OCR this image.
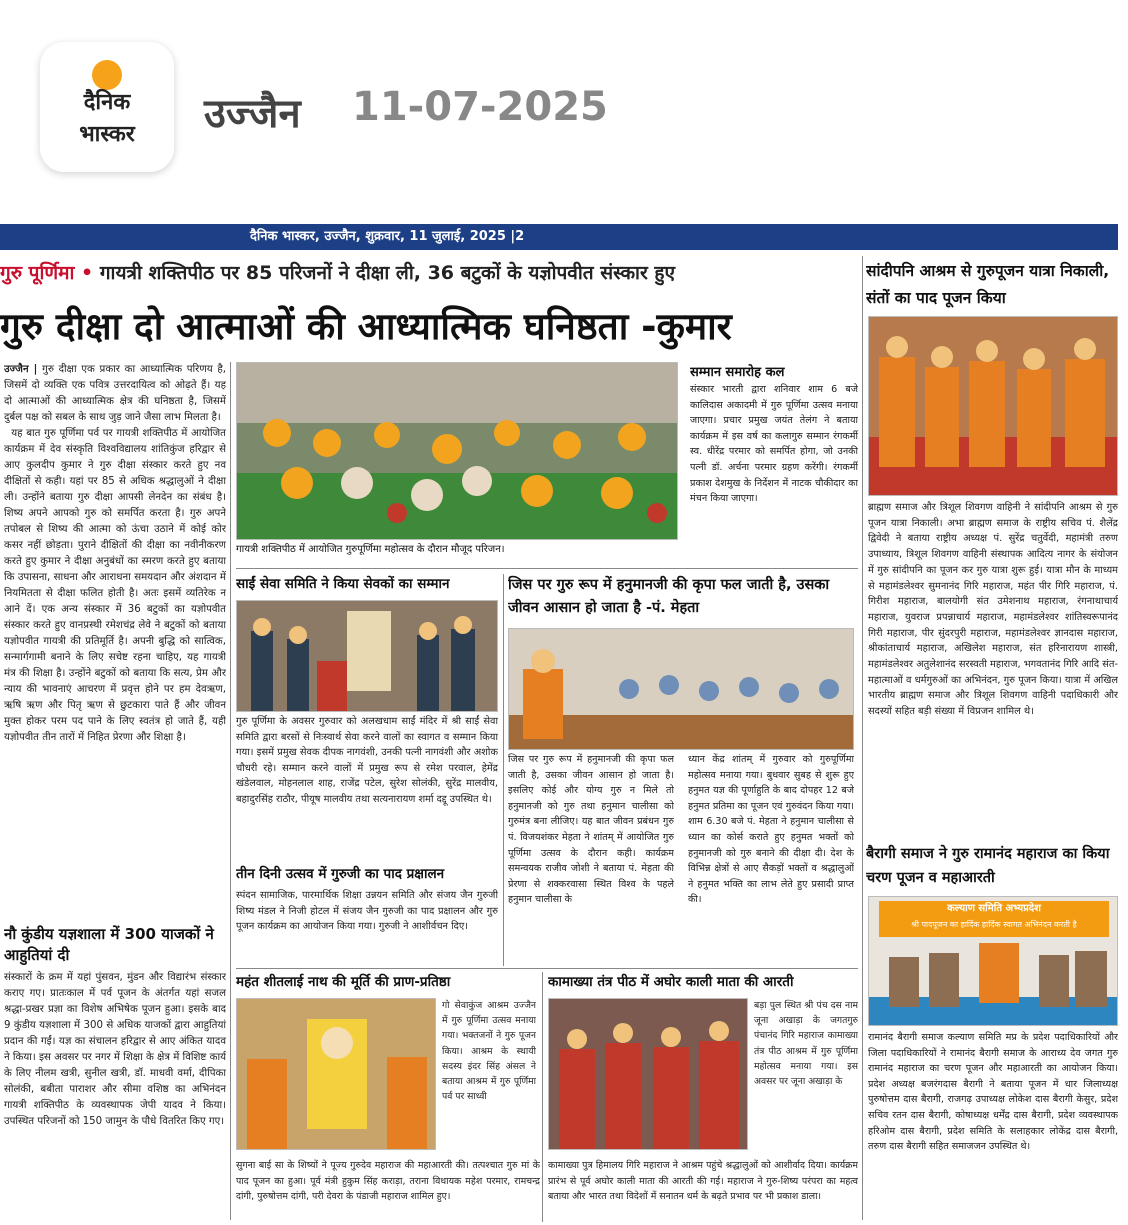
दैनिक
भास्कर	उज्जैन 11-07-2025
दैनिक भास्कर, उज्जैन, शुक्रवार, 11 जुलाई, 2025 |2
गुरु पूर्णिमा • गायत्री शक्तिपीठ पर 85 परिजनों ने दीक्षा ली, 36 बटुकों के यज्ञोपवीत संस्कार हुए
गुरु दीक्षा दो आत्माओं की आध्यात्मिक घनिष्ठता -कुमार
उज्जैन | गुरु दीक्षा एक प्रकार का आध्यात्मिक परिणय है, जिसमें दो व्यक्ति एक पवित्र उत्तरदायित्व को ओढ़ते हैं। यह दो आत्माओं की आध्यात्मिक क्षेत्र की घनिष्ठता है, जिसमें दुर्बल पक्ष को सबल के साथ जुड़ जाने जैसा लाभ मिलता है।
यह बात गुरु पूर्णिमा पर्व पर गायत्री शक्तिपीठ में आयोजित कार्यक्रम में देव संस्कृति विश्वविद्यालय शांतिकुंज हरिद्वार से आए कुलदीप कुमार ने गुरु दीक्षा संस्कार करते हुए नव दीक्षितों से कही। यहां पर 85 से अधिक श्रद्धालुओं ने दीक्षा ली। उन्होंने बताया गुरु दीक्षा आपसी लेनदेन का संबंध है। शिष्य अपने आपको गुरु को समर्पित करता है। गुरु अपने तपोबल से शिष्य की आत्मा को ऊंचा उठाने में कोई कोर कसर नहीं छोड़ता। पुराने दीक्षितों की दीक्षा का नवीनीकरण करते हुए कुमार ने दीक्षा अनुबंधों का स्मरण करते हुए बताया कि उपासना, साधना और आराधना समयदान और अंशदान में नियमितता से दीक्षा फलित होती है। अतः इसमें व्यतिरेक न आने दें। एक अन्य संस्कार में 36 बटुकों का यज्ञोपवीत संस्कार करते हुए वानप्रस्थी रमेशचंद्र लेवे ने बटुकों को बताया यज्ञोपवीत गायत्री की प्रतिमूर्ति है। अपनी बुद्धि को सात्विक, सन्मार्गगामी बनाने के लिए सचेष्ट रहना चाहिए, यह गायत्री मंत्र की शिक्षा है। उन्होंने बटुकों को बताया कि सत्य, प्रेम और न्याय की भावनाएं आचरण में प्रवृत्त होने पर हम देवऋण, ऋषि ऋण और पितृ ऋण से छुटकारा पाते हैं और जीवन मुक्त होकर परम पद पाने के लिए स्वतंत्र हो जाते हैं, यही यज्ञोपवीत तीन तारों में निहित प्रेरणा और शिक्षा है।
नौ कुंडीय यज्ञशाला में 300 याजकों ने आहुतियां दी
संस्कारों के क्रम में यहां पुंसवन, मुंडन और विद्यारंभ संस्कार कराए गए। प्रातःकाल में पर्व पूजन के अंतर्गत यहां सजल श्रद्धा-प्रखर प्रज्ञा का विशेष अभिषेक पूजन हुआ। इसके बाद 9 कुंडीय यज्ञशाला में 300 से अधिक याजकों द्वारा आहुतियां प्रदान की गईं। यज्ञ का संचालन हरिद्वार से आए अंकित यादव ने किया। इस अवसर पर नगर में शिक्षा के क्षेत्र में विशिष्ट कार्य के लिए नीलम खत्री, सुनील खत्री, डॉ. माधवी वर्मा, दीपिका सोलंकी, बबीता पाराशर और सीमा वशिष्ठ का अभिनंदन गायत्री शक्तिपीठ के व्यवस्थापक जेपी यादव ने किया। उपस्थित परिजनों को 150 जामुन के पौधे वितरित किए गए।
गायत्री शक्तिपीठ में आयोजित गुरुपूर्णिमा महोत्सव के दौरान मौजूद परिजन।
सम्मान समारोह कल
संस्कार भारती द्वारा शनिवार शाम 6 बजे कालिदास अकादमी में गुरु पूर्णिमा उत्सव मनाया जाएगा। प्रचार प्रमुख जयंत तेलंग ने बताया कार्यक्रम में इस वर्ष का कलागुरु सम्मान रंगकर्मी स्व. धीरेंद्र परमार को समर्पित होगा, जो उनकी पत्नी डॉ. अर्चना परमार ग्रहण करेंगी। रंगकर्मी प्रकाश देशमुख के निर्देशन में नाटक चौकीदार का मंचन किया जाएगा।
साईं सेवा समिति ने किया सेवकों का सम्मान
गुरु पूर्णिमा के अवसर गुरुवार को अलखधाम साईं मंदिर में श्री साईं सेवा समिति द्वारा बरसों से निःस्वार्थ सेवा करने वालों का स्वागत व सम्मान किया गया। इसमें प्रमुख सेवक दीपक नागवंशी, उनकी पत्नी नागवंशी और अशोक चौधरी रहे। सम्मान करने वालों में प्रमुख रूप से रमेश परवाल, हेमेंद्र खंडेलवाल, मोहनलाल शाह, राजेंद्र पटेल, सुरेश सोलंकी, सुरेंद्र मालवीय, बहादुरसिंह राठौर, पीयूष मालवीय तथा सत्यनारायण शर्मा दद्दू उपस्थित थे।
तीन दिनी उत्सव में गुरुजी का पाद प्रक्षालन
स्पंदन सामाजिक, पारमार्थिक शिक्षा उन्नयन समिति और संजय जैन गुरुजी शिष्य मंडल ने निजी होटल में संजय जैन गुरुजी का पाद प्रक्षालन और गुरु पूजन कार्यक्रम का आयोजन किया गया। गुरुजी ने आशीर्वचन दिए।
जिस पर गुरु रूप में हनुमानजी की कृपा फल जाती है, उसका जीवन आसान हो जाता है -पं. मेहता
जिस पर गुरु रूप में हनुमानजी की कृपा फल जाती है, उसका जीवन आसान हो जाता है। इसलिए कोई और योग्य गुरु न मिले तो हनुमानजी को गुरु तथा हनुमान चालीसा को गुरुमंत्र बना लीजिए। यह बात जीवन प्रबंधन गुरु पं. विजयशंकर मेहता ने शांतम् में आयोजित गुरु पूर्णिमा उत्सव के दौरान कही। कार्यक्रम समन्वयक राजीव जोशी ने बताया पं. मेहता की प्रेरणा से शक्करवासा स्थित विश्व के पहले हनुमान चालीसा के
ध्यान केंद्र शांतम् में गुरुवार को गुरुपूर्णिमा महोत्सव मनाया गया। बुधवार सुबह से शुरू हुए हनुमत यज्ञ की पूर्णाहुति के बाद दोपहर 12 बजे हनुमत प्रतिमा का पूजन एवं गुरुवंदन किया गया। शाम 6.30 बजे पं. मेहता ने हनुमान चालीसा से ध्यान का कोर्स कराते हुए हनुमत भक्तों को हनुमानजी को गुरु बनाने की दीक्षा दी। देश के विभिन्न क्षेत्रों से आए सैकड़ों भक्तों व श्रद्धालुओं ने हनुमत भक्ति का लाभ लेते हुए प्रसादी प्राप्त की।
महंत शीतलाई नाथ की मूर्ति की प्राण-प्रतिष्ठा
गो सेवाकुंज आश्रम उज्जैन में गुरु पूर्णिमा उत्सव मनाया गया। भक्तजनों ने गुरु पूजन किया। आश्रम के स्थायी सदस्य इंदर सिंह अंसल ने बताया आश्रम में गुरु पूर्णिमा पर्व पर साध्वी
सुगना बाई सा के शिष्यों ने पूज्य गुरुदेव महाराज की महाआरती की। तत्पश्चात गुरु मां के पाद पूजन का हुआ। पूर्व मंत्री हुकुम सिंह कराड़ा, तराना विधायक महेश परमार, रामचन्द्र दांगी, पुरुषोत्तम दांगी, परी देवरा के पंडाजी महाराज शामिल हुए।
कामाख्या तंत्र पीठ में अघोर काली माता की आरती
बड़ा पुल स्थित श्री पंच दस नाम जूना अखाड़ा के जगतगुरु पंचानंद गिरि महाराज कामाख्या तंत्र पीठ आश्रम में गुरु पूर्णिमा महोत्सव मनाया गया। इस अवसर पर जूना अखाड़ा के
कामाख्या पुत्र हिमालय गिरि महाराज ने आश्रम पहुंचे श्रद्धालुओं को आशीर्वाद दिया। कार्यक्रम प्रारंभ से पूर्व अघोर काली माता की आरती की गई। महाराज ने गुरु-शिष्य परंपरा का महत्व बताया और भारत तथा विदेशों में सनातन धर्म के बढ़ते प्रभाव पर भी प्रकाश डाला।
सांदीपनि आश्रम से गुरुपूजन यात्रा निकाली, संतों का पाद पूजन किया
ब्राह्मण समाज और त्रिशूल शिवगण वाहिनी ने सांदीपनि आश्रम से गुरु पूजन यात्रा निकाली। अभा ब्राह्मण समाज के राष्ट्रीय सचिव पं. शैलेंद्र द्विवेदी ने बताया राष्ट्रीय अध्यक्ष पं. सुरेंद्र चतुर्वेदी, महामंत्री तरुण उपाध्याय, त्रिशूल शिवगण वाहिनी संस्थापक आदित्य नागर के संयोजन में गुरु सांदीपनि का पूजन कर गुरु यात्रा शुरू हुई। यात्रा मौन के माध्यम से महामंडलेश्वर सुमनानंद गिरि महाराज, महंत पीर गिरि महाराज, पं. गिरीश महाराज, बालयोगी संत उमेशनाथ महाराज, रंगनाथाचार्य महाराज, युवराज प्रपन्नाचार्य महाराज, महामंडलेश्वर शांतिस्वरूपानंद गिरी महाराज, पीर सुंदरपुरी महाराज, महामंडलेश्वर ज्ञानदास महाराज, श्रीकांताचार्य महाराज, अखिलेश महाराज, संत हरिनारायण शास्त्री, महामंडलेश्वर अतुलेशानंद सरस्वती महाराज, भगवतानंद गिरि आदि संत-महात्माओं व धर्मगुरुओं का अभिनंदन, गुरु पूजन किया। यात्रा में अखिल भारतीय ब्राह्मण समाज और त्रिशूल शिवगण वाहिनी पदाधिकारी और सदस्यों सहित बड़ी संख्या में विप्रजन शामिल थे।
बैरागी समाज ने गुरु रामानंद महाराज का किया चरण पूजन व महाआरती
कल्याण समिति अभ्यप्रदेश
श्री पादपूजन का हार्दिक हार्दिक स्वागत अभिनंदन करती है
रामानंद बैरागी समाज कल्याण समिति मप्र के प्रदेश पदाधिकारियों और जिला पदाधिकारियों ने रामानंद बैरागी समाज के आराध्य देव जगत गुरु रामानंद महाराज का चरण पूजन और महाआरती का आयोजन किया। प्रदेश अध्यक्ष बजरंगदास बैरागी ने बताया पूजन में धार जिलाध्यक्ष पुरुषोत्तम दास बैरागी, राजगढ़ उपाध्यक्ष लोकेश दास बैरागी केसुर, प्रदेश सचिव रतन दास बैरागी, कोषाध्यक्ष धर्मेंद्र दास बैरागी, प्रदेश व्यवस्थापक हरिओम दास बैरागी, प्रदेश समिति के सलाहकार लोकेंद्र दास बैरागी, तरुण दास बैरागी सहित समाजजन उपस्थित थे।
